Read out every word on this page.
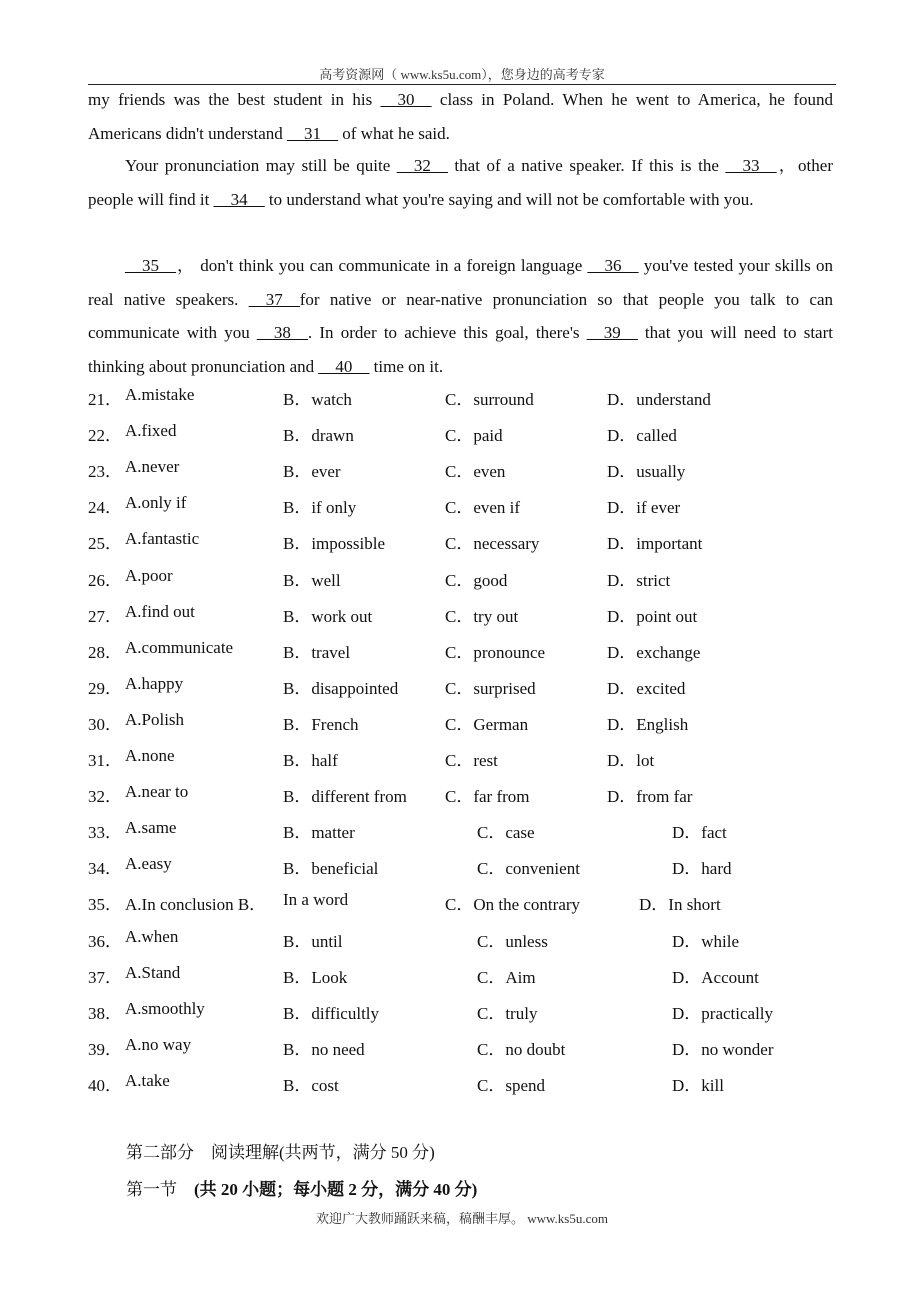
高考资源网（ www.ks5u.com），您身边的高考专家
my friends was the best student in his __30__ class in Poland. When he went to America, he found Americans didn't understand __31__ of what he said.
Your pronunciation may still be quite __32__ that of a native speaker. If this is the __33__，other people will find it __34__ to understand what you're saying and will not be comfortable with you.
__35__， don't think you can communicate in a foreign language __36__ you've tested your skills on real native speakers. __37__for native or near-native pronunciation so that people you talk to can communicate with you __38__. In order to achieve this goal, there's __39__ that you will need to start thinking about pronunciation and __40__ time on it.
21． A.mistake	B．watch	C．surround	D．understand
22． A.fixed	B．drawn	C．paid	D．called
23． A.never	B．ever	C．even	D．usually
24． A.only if	B．if only	C．even if	D．if ever
25． A.fantastic	B．impossible	C．necessary	D．important
26． A.poor	B．well	C．good	D．strict
27． A.find out	B．work out	C．try out	D．point out
28． A.communicate	B．travel	C．pronounce	D．exchange
29． A.happy	B．disappointed	C．surprised	D．excited
30． A.Polish	B．French	C．German	D．English
31． A.none	B．half	C．rest	D．lot
32． A.near to	B．different from C．far from	D．from far
33． A.same	B．matter	C．case	D．fact
34． A.easy	B．beneficial	C．convenient	D．hard
35． A.In conclusion B． In a word	C．On the contrary	D．In short
36． A.when	B．until	C．unless	D．while
37． A.Stand	B．Look	C．Aim	D．Account
38． A.smoothly	B．difficultly	C．truly	D．practically
39． A.no way	B．no need	C．no doubt	D．no wonder
40． A.take	B．cost	C．spend	D．kill
第二部分　阅读理解(共两节，满分 50 分)
第一节　(共 20 小题；每小题 2 分，满分 40 分)
欢迎广大教师踊跃来稿，稿酬丰厚。 www.ks5u.com
